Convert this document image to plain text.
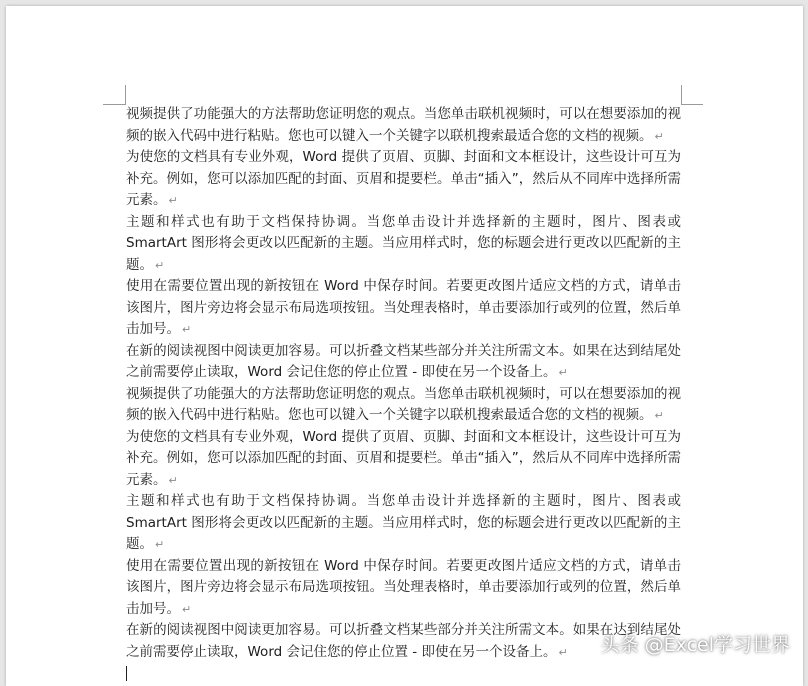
视频提供了功能强大的方法帮助您证明您的观点。当您单击联机视频时，可以在想要添加的视频的嵌入代码中进行粘贴。您也可以键入一个关键字以联机搜索最适合您的文档的视频。 ↵

为使您的文档具有专业外观，Word 提供了页眉、页脚、封面和文本框设计，这些设计可互为补充。例如，您可以添加匹配的封面、页眉和提要栏。单击“插入”，然后从不同库中选择所需元素。 ↵

主题和样式也有助于文档保持协调。当您单击设计并选择新的主题时，图片、图表或 SmartArt 图形将会更改以匹配新的主题。当应用样式时，您的标题会进行更改以匹配新的主题。 ↵

使用在需要位置出现的新按钮在 Word 中保存时间。若要更改图片适应文档的方式，请单击该图片，图片旁边将会显示布局选项按钮。当处理表格时，单击要添加行或列的位置，然后单击加号。 ↵

在新的阅读视图中阅读更加容易。可以折叠文档某些部分并关注所需文本。如果在达到结尾处之前需要停止读取，Word 会记住您的停止位置 - 即使在另一个设备上。 ↵

视频提供了功能强大的方法帮助您证明您的观点。当您单击联机视频时，可以在想要添加的视频的嵌入代码中进行粘贴。您也可以键入一个关键字以联机搜索最适合您的文档的视频。 ↵

为使您的文档具有专业外观，Word 提供了页眉、页脚、封面和文本框设计，这些设计可互为补充。例如，您可以添加匹配的封面、页眉和提要栏。单击“插入”，然后从不同库中选择所需元素。 ↵

主题和样式也有助于文档保持协调。当您单击设计并选择新的主题时，图片、图表或 SmartArt 图形将会更改以匹配新的主题。当应用样式时，您的标题会进行更改以匹配新的主题。 ↵

使用在需要位置出现的新按钮在 Word 中保存时间。若要更改图片适应文档的方式，请单击该图片，图片旁边将会显示布局选项按钮。当处理表格时，单击要添加行或列的位置，然后单击加号。 ↵

在新的阅读视图中阅读更加容易。可以折叠文档某些部分并关注所需文本。如果在达到结尾处之前需要停止读取，Word 会记住您的停止位置 - 即使在另一个设备上。 ↵	头条 @Excel学习世界
